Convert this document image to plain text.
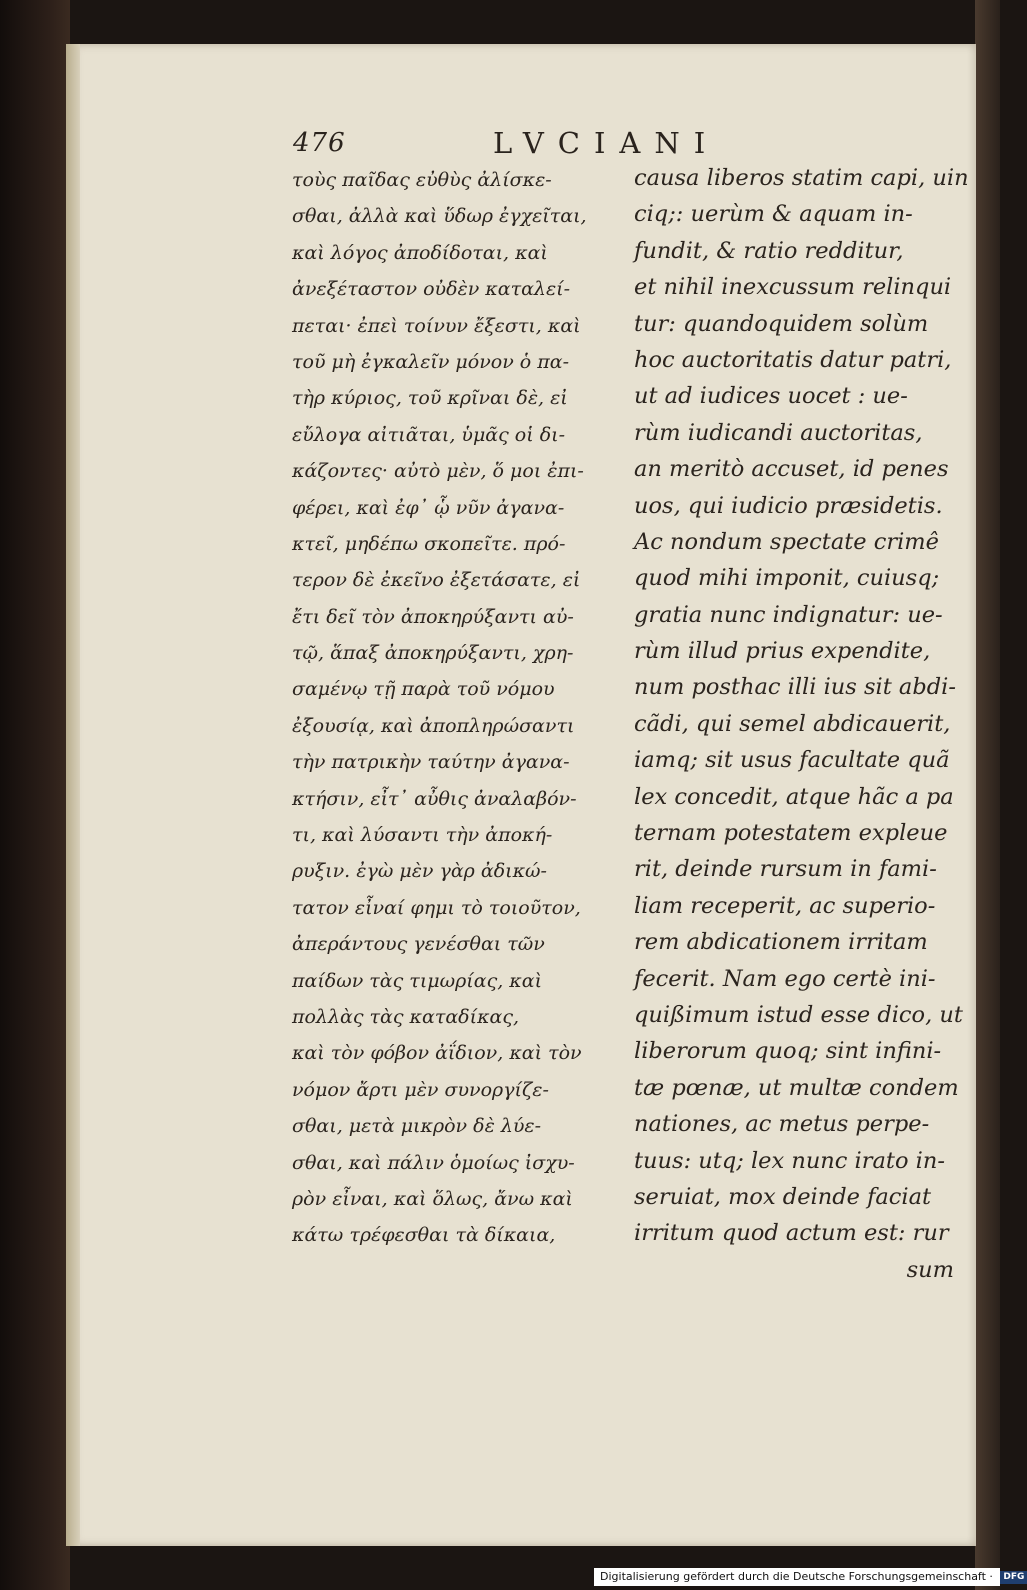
476	LVCIANI
τοὺς παῖδας εὐθὺς ἀλίσκε-
σθαι, ἀλλὰ καὶ ὕδωρ ἐγχεῖται,
καὶ λόγος ἀποδίδοται, καὶ
ἀνεξέταστον οὐδὲν καταλεί-
πεται· ἐπεὶ τοίνυν ἔξεστι, καὶ
τοῦ μὴ ἐγκαλεῖν μόνον ὁ πα-
τὴρ κύριος, τοῦ κρῖναι δὲ, εἰ
εὔλογα αἰτιᾶται, ὑμᾶς οἱ δι-
κάζοντες· αὐτὸ μὲν, ὅ μοι ἐπι-
φέρει, καὶ ἐφ᾽ ᾧ νῦν ἀγανα-
κτεῖ, μηδέπω σκοπεῖτε. πρό-
τερον δὲ ἐκεῖνο ἐξετάσατε, εἰ
ἔτι δεῖ τὸν ἀποκηρύξαντι αὐ-
τῷ, ἅπαξ ἀποκηρύξαντι, χρη-
σαμένῳ τῇ παρὰ τοῦ νόμου
ἐξουσίᾳ, καὶ ἀποπληρώσαντι
τὴν πατρικὴν ταύτην ἀγανα-
κτήσιν, εἶτ᾽ αὖθις ἀναλαβόν-
τι, καὶ λύσαντι τὴν ἀποκή-
ρυξιν. ἐγὼ μὲν γὰρ ἀδικώ-
τατον εἶναί φημι τὸ τοιοῦτον,
ἀπεράντους γενέσθαι τῶν
παίδων τὰς τιμωρίας, καὶ
πολλὰς τὰς καταδίκας,
καὶ τὸν φόβον ἀΐδιον, καὶ τὸν
νόμον ἄρτι μὲν συνοργίζε-
σθαι, μετὰ μικρὸν δὲ λύε-
σθαι, καὶ πάλιν ὁμοίως ἰσχυ-
ρὸν εἶναι, καὶ ὅλως, ἄνω καὶ
κάτω τρέφεσθαι τὰ δίκαια,
causa liberos statim capi, uin
ciq;: uerùm & aquam in-
fundit, & ratio redditur,
et nihil inexcussum relinqui
tur: quandoquidem solùm
hoc auctoritatis datur patri,
ut ad iudices uocet : ue-
rùm iudicandi auctoritas,
an meritò accuset, id penes
uos, qui iudicio præsidetis.
Ac nondum spectate crimê
quod mihi imponit, cuiusq;
gratia nunc indignatur: ue-
rùm illud prius expendite,
num posthac illi ius sit abdi-
cãdi, qui semel abdicauerit,
iamq; sit usus facultate quã
lex concedit, atque hãc a pa
ternam potestatem expleue
rit, deinde rursum in fami-
liam receperit, ac superio-
rem abdicationem irritam
fecerit. Nam ego certè ini-
quißimum istud esse dico, ut
liberorum quoq; sint infini-
tæ pœnæ, ut multæ condem
nationes, ac metus perpe-
tuus: utq; lex nunc irato in-
seruiat, mox deinde faciat
irritum quod actum est: rur
sum
Digitalisierung gefördert durch die Deutsche Forschungsgemeinschaft · DFG
